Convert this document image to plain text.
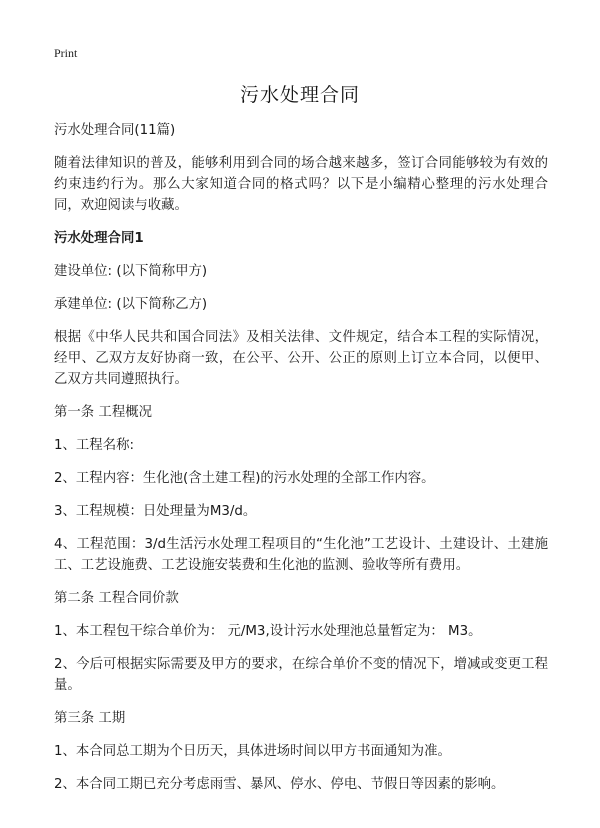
Print
污水处理合同

污水处理合同(11篇)

随着法律知识的普及，能够利用到合同的场合越来越多，签订合同能够较为有效的约束违约行为。那么大家知道合同的格式吗？以下是小编精心整理的污水处理合同，欢迎阅读与收藏。

污水处理合同1

建设单位: (以下简称甲方)

承建单位: (以下简称乙方)

根据《中华人民共和国合同法》及相关法律、文件规定，结合本工程的实际情况，经甲、乙双方友好协商一致，在公平、公开、公正的原则上订立本合同，以便甲、乙双方共同遵照执行。

第一条 工程概况

1、工程名称:

2、工程内容：生化池(含土建工程)的污水处理的全部工作内容。

3、工程规模：日处理量为M3/d。

4、工程范围：3/d生活污水处理工程项目的“生化池”工艺设计、土建设计、土建施工、工艺设施费、工艺设施安装费和生化池的监测、验收等所有费用。

第二条 工程合同价款

1、本工程包干综合单价为： 元/M3,设计污水处理池总量暂定为： M3。

2、今后可根据实际需要及甲方的要求，在综合单价不变的情况下，增减或变更工程量。

第三条 工期

1、本合同总工期为个日历天，具体进场时间以甲方书面通知为准。

2、本合同工期已充分考虑雨雪、暴风、停水、停电、节假日等因素的影响。
